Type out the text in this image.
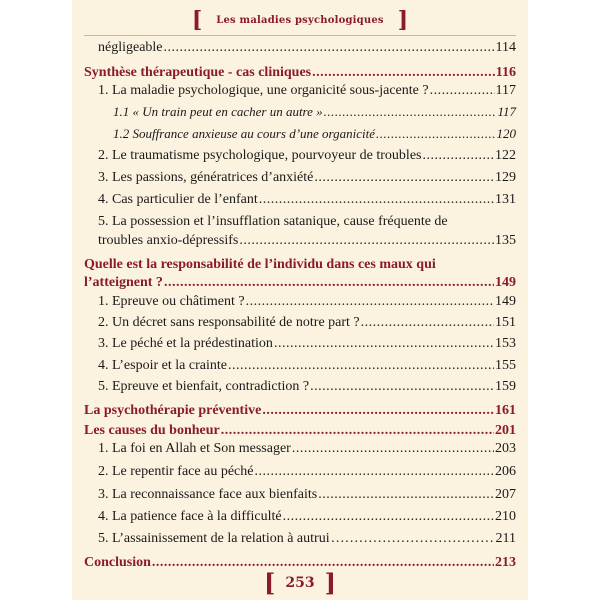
[ Les maladies psychologiques ]
négligeable .....	114
Synthèse thérapeutique - cas cliniques .....	116
1. La maladie psychologique, une organicité sous-jacente ? .....	117
1.1 « Un train peut en cacher un autre » .....	117
1.2 Souffrance anxieuse au cours d’une organicité .....	120
2. Le traumatisme psychologique, pourvoyeur de troubles .....	122
3. Les passions, génératrices d’anxiété .....	129
4. Cas particulier de l’enfant .....	131
5. La possession et l’insufflation satanique, cause fréquente de
troubles anxio-dépressifs .....	135
Quelle est la responsabilité de l’individu dans ces maux qui
l’atteignent ? .....	149
1. Epreuve ou châtiment ? .....	149
2. Un décret sans responsabilité de notre part ? .....	151
3. Le péché et la prédestination .....	153
4. L’espoir et la crainte .....	155
5. Epreuve et bienfait, contradiction ? .....	159
La psychothérapie préventive .....	161
Les causes du bonheur .....	201
1. La foi en Allah et Son messager .....	203
2. Le repentir face au péché .....	206
3. La reconnaissance face aux bienfaits .....	207
4. La patience face à la difficulté .....	210
5. L’assainissement de la relation à autrui …………………………………………………………………………………………………………	211
Conclusion .....	213
[ 253 ]
